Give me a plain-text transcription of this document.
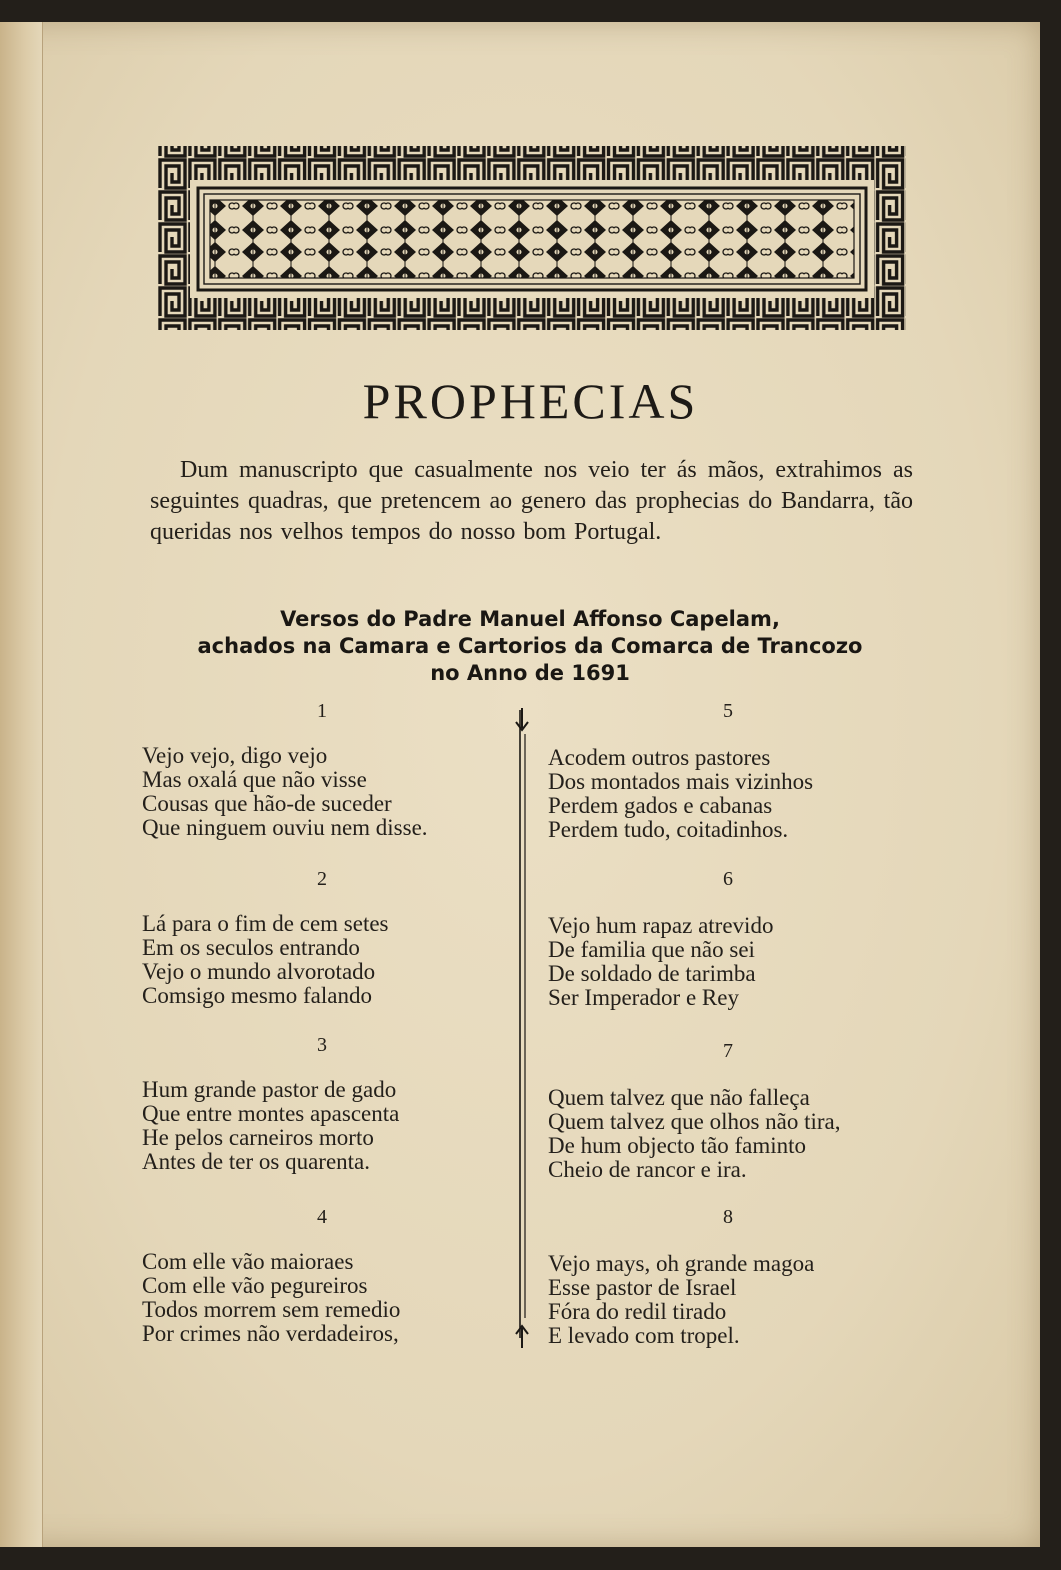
PROPHECIAS

Dum manuscripto que casualmente nos veio ter ás mãos, extrahimos as seguintes quadras, que pretencem ao genero das prophecias do Bandarra, tão queridas nos velhos tempos do nosso bom Portugal.

Versos do Padre Manuel Affonso Capelam,
achados na Camara e Cartorios da Comarca de Trancozo
no Anno de 1691
1
Vejo vejo, digo vejo
Mas oxalá que não visse
Cousas que hão-de suceder
Que ninguem ouviu nem disse.
2
Lá para o fim de cem setes
Em os seculos entrando
Vejo o mundo alvorotado
Comsigo mesmo falando
3
Hum grande pastor de gado
Que entre montes apascenta
He pelos carneiros morto
Antes de ter os quarenta.
4
Com elle vão maioraes
Com elle vão pegureiros
Todos morrem sem remedio
Por crimes não verdadeiros,
5
Acodem outros pastores
Dos montados mais vizinhos
Perdem gados e cabanas
Perdem tudo, coitadinhos.
6
Vejo hum rapaz atrevido
De familia que não sei
De soldado de tarimba
Ser Imperador e Rey
7
Quem talvez que não falleça
Quem talvez que olhos não tira,
De hum objecto tão faminto
Cheio de rancor e ira.
8
Vejo mays, oh grande magoa
Esse pastor de Israel
Fóra do redil tirado
E levado com tropel.
